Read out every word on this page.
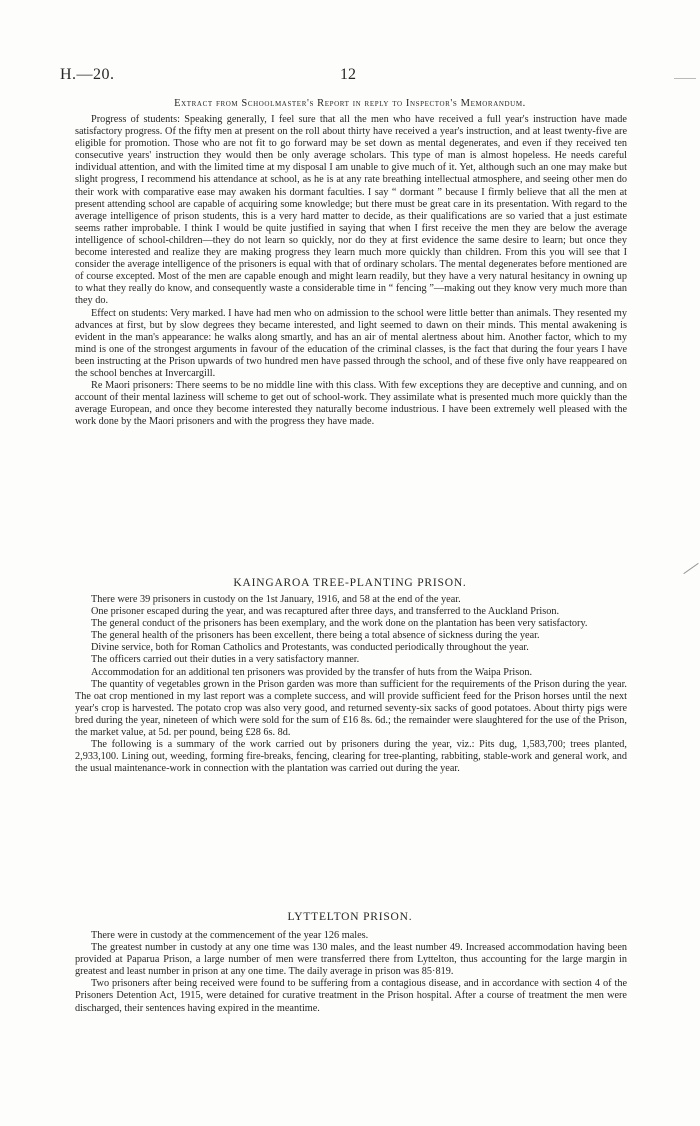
H.—20.	12
Extract from Schoolmaster's Report in reply to Inspector's Memorandum.

Progress of students: Speaking generally, I feel sure that all the men who have received a full year's instruction have made satisfactory progress. Of the fifty men at present on the roll about thirty have received a year's instruction, and at least twenty-five are eligible for promotion. Those who are not fit to go forward may be set down as mental degenerates, and even if they received ten consecutive years' instruction they would then be only average scholars. This type of man is almost hopeless. He needs careful individual attention, and with the limited time at my disposal I am unable to give much of it. Yet, although such an one may make but slight progress, I recommend his attendance at school, as he is at any rate breathing intellectual atmosphere, and seeing other men do their work with comparative ease may awaken his dormant faculties. I say “ dormant ” because I firmly believe that all the men at present attending school are capable of acquiring some knowledge; but there must be great care in its presentation. With regard to the average intelligence of prison students, this is a very hard matter to decide, as their qualifications are so varied that a just estimate seems rather improbable. I think I would be quite justified in saying that when I first receive the men they are below the average intelligence of school-children—they do not learn so quickly, nor do they at first evidence the same desire to learn; but once they become interested and realize they are making progress they learn much more quickly than children. From this you will see that I consider the average intelligence of the prisoners is equal with that of ordinary scholars. The mental degenerates before mentioned are of course excepted. Most of the men are capable enough and might learn readily, but they have a very natural hesitancy in owning up to what they really do know, and consequently waste a considerable time in “ fencing ”—making out they know very much more than they do.

Effect on students: Very marked. I have had men who on admission to the school were little better than animals. They resented my advances at first, but by slow degrees they became interested, and light seemed to dawn on their minds. This mental awakening is evident in the man's appearance: he walks along smartly, and has an air of mental alertness about him. Another factor, which to my mind is one of the strongest arguments in favour of the education of the criminal classes, is the fact that during the four years I have been instructing at the Prison upwards of two hundred men have passed through the school, and of these five only have reappeared on the school benches at Invercargill.

Re Maori prisoners: There seems to be no middle line with this class. With few exceptions they are deceptive and cunning, and on account of their mental laziness will scheme to get out of school-work. They assimilate what is presented much more quickly than the average European, and once they become interested they naturally become industrious. I have been extremely well pleased with the work done by the Maori prisoners and with the progress they have made.

KAINGAROA TREE-PLANTING PRISON.

There were 39 prisoners in custody on the 1st January, 1916, and 58 at the end of the year.

One prisoner escaped during the year, and was recaptured after three days, and transferred to the Auckland Prison.

The general conduct of the prisoners has been exemplary, and the work done on the plantation has been very satisfactory.

The general health of the prisoners has been excellent, there being a total absence of sickness during the year.

Divine service, both for Roman Catholics and Protestants, was conducted periodically throughout the year.

The officers carried out their duties in a very satisfactory manner.

Accommodation for an additional ten prisoners was provided by the transfer of huts from the Waipa Prison.

The quantity of vegetables grown in the Prison garden was more than sufficient for the requirements of the Prison during the year. The oat crop mentioned in my last report was a complete success, and will provide sufficient feed for the Prison horses until the next year's crop is harvested. The potato crop was also very good, and returned seventy-six sacks of good potatoes. About thirty pigs were bred during the year, nineteen of which were sold for the sum of £16 8s. 6d.; the remainder were slaughtered for the use of the Prison, the market value, at 5d. per pound, being £28 6s. 8d.

The following is a summary of the work carried out by prisoners during the year, viz.: Pits dug, 1,583,700; trees planted, 2,933,100. Lining out, weeding, forming fire-breaks, fencing, clearing for tree-planting, rabbiting, stable-work and general work, and the usual maintenance-work in connection with the plantation was carried out during the year.

LYTTELTON PRISON.

There were in custody at the commencement of the year 126 males.

The greatest number in custody at any one time was 130 males, and the least number 49. Increased accommodation having been provided at Paparua Prison, a large number of men were transferred there from Lyttelton, thus accounting for the large margin in greatest and least number in prison at any one time. The daily average in prison was 85·819.

Two prisoners after being received were found to be suffering from a contagious disease, and in accordance with section 4 of the Prisoners Detention Act, 1915, were detained for curative treatment in the Prison hospital. After a course of treatment the men were discharged, their sentences having expired in the meantime.
